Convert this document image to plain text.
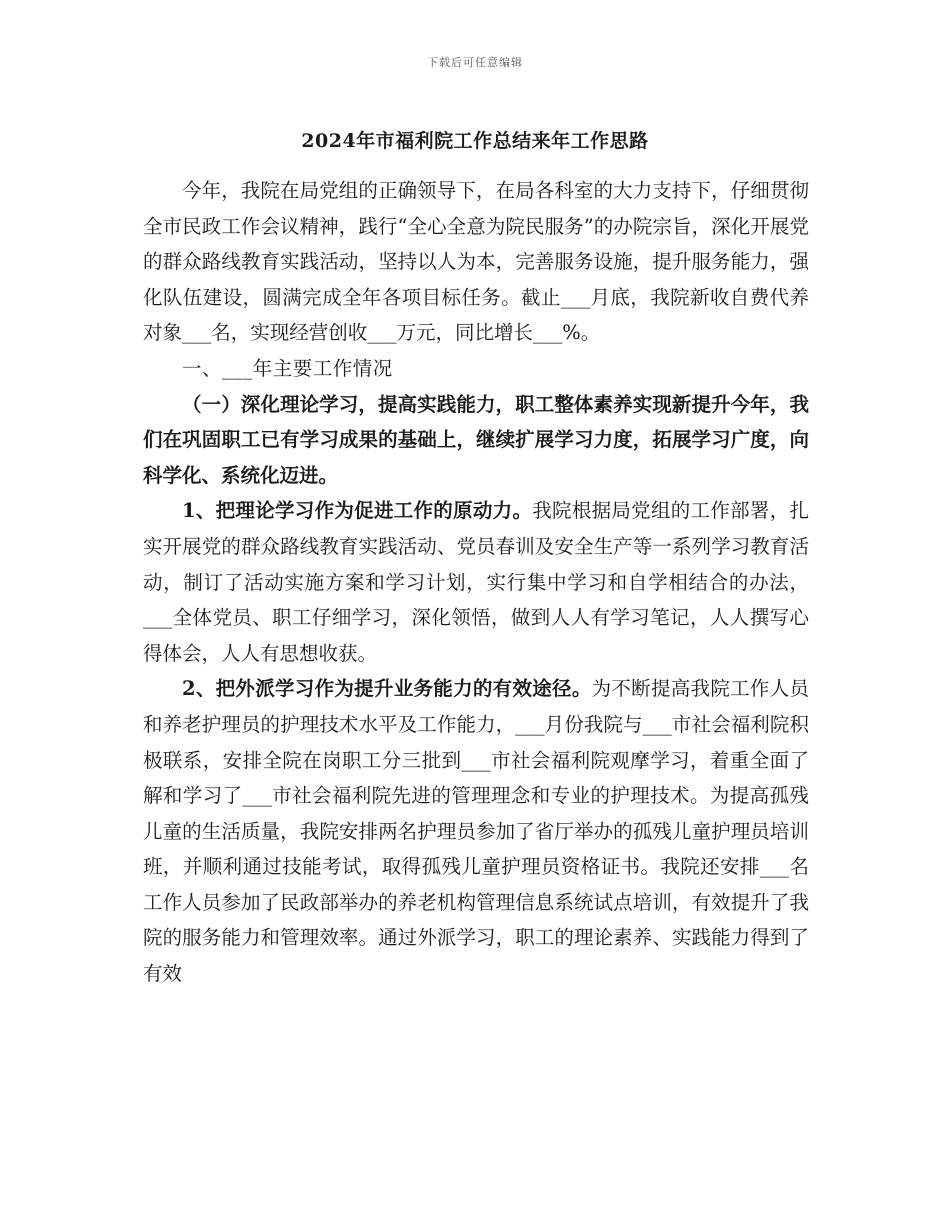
下载后可任意编辑
2024年市福利院工作总结来年工作思路

今年，我院在局党组的正确领导下，在局各科室的大力支持下，仔细贯彻全市民政工作会议精神，践行“全心全意为院民服务”的办院宗旨，深化开展党的群众路线教育实践活动，坚持以人为本，完善服务设施，提升服务能力，强化队伍建设，圆满完成全年各项目标任务。截止___月底，我院新收自费代养对象___名，实现经营创收___万元，同比增长___%。

一、___年主要工作情况

（一）深化理论学习，提高实践能力，职工整体素养实现新提升今年，我们在巩固职工已有学习成果的基础上，继续扩展学习力度，拓展学习广度，向科学化、系统化迈进。

1、把理论学习作为促进工作的原动力。我院根据局党组的工作部署，扎实开展党的群众路线教育实践活动、党员春训及安全生产等一系列学习教育活动，制订了活动实施方案和学习计划，实行集中学习和自学相结合的办法，___全体党员、职工仔细学习，深化领悟，做到人人有学习笔记，人人撰写心得体会，人人有思想收获。

2、把外派学习作为提升业务能力的有效途径。为不断提高我院工作人员和养老护理员的护理技术水平及工作能力，___月份我院与___市社会福利院积极联系，安排全院在岗职工分三批到___市社会福利院观摩学习，着重全面了解和学习了___市社会福利院先进的管理理念和专业的护理技术。为提高孤残儿童的生活质量，我院安排两名护理员参加了省厅举办的孤残儿童护理员培训班，并顺利通过技能考试，取得孤残儿童护理员资格证书。我院还安排___名工作人员参加了民政部举办的养老机构管理信息系统试点培训，有效提升了我院的服务能力和管理效率。通过外派学习，职工的理论素养、实践能力得到了有效
